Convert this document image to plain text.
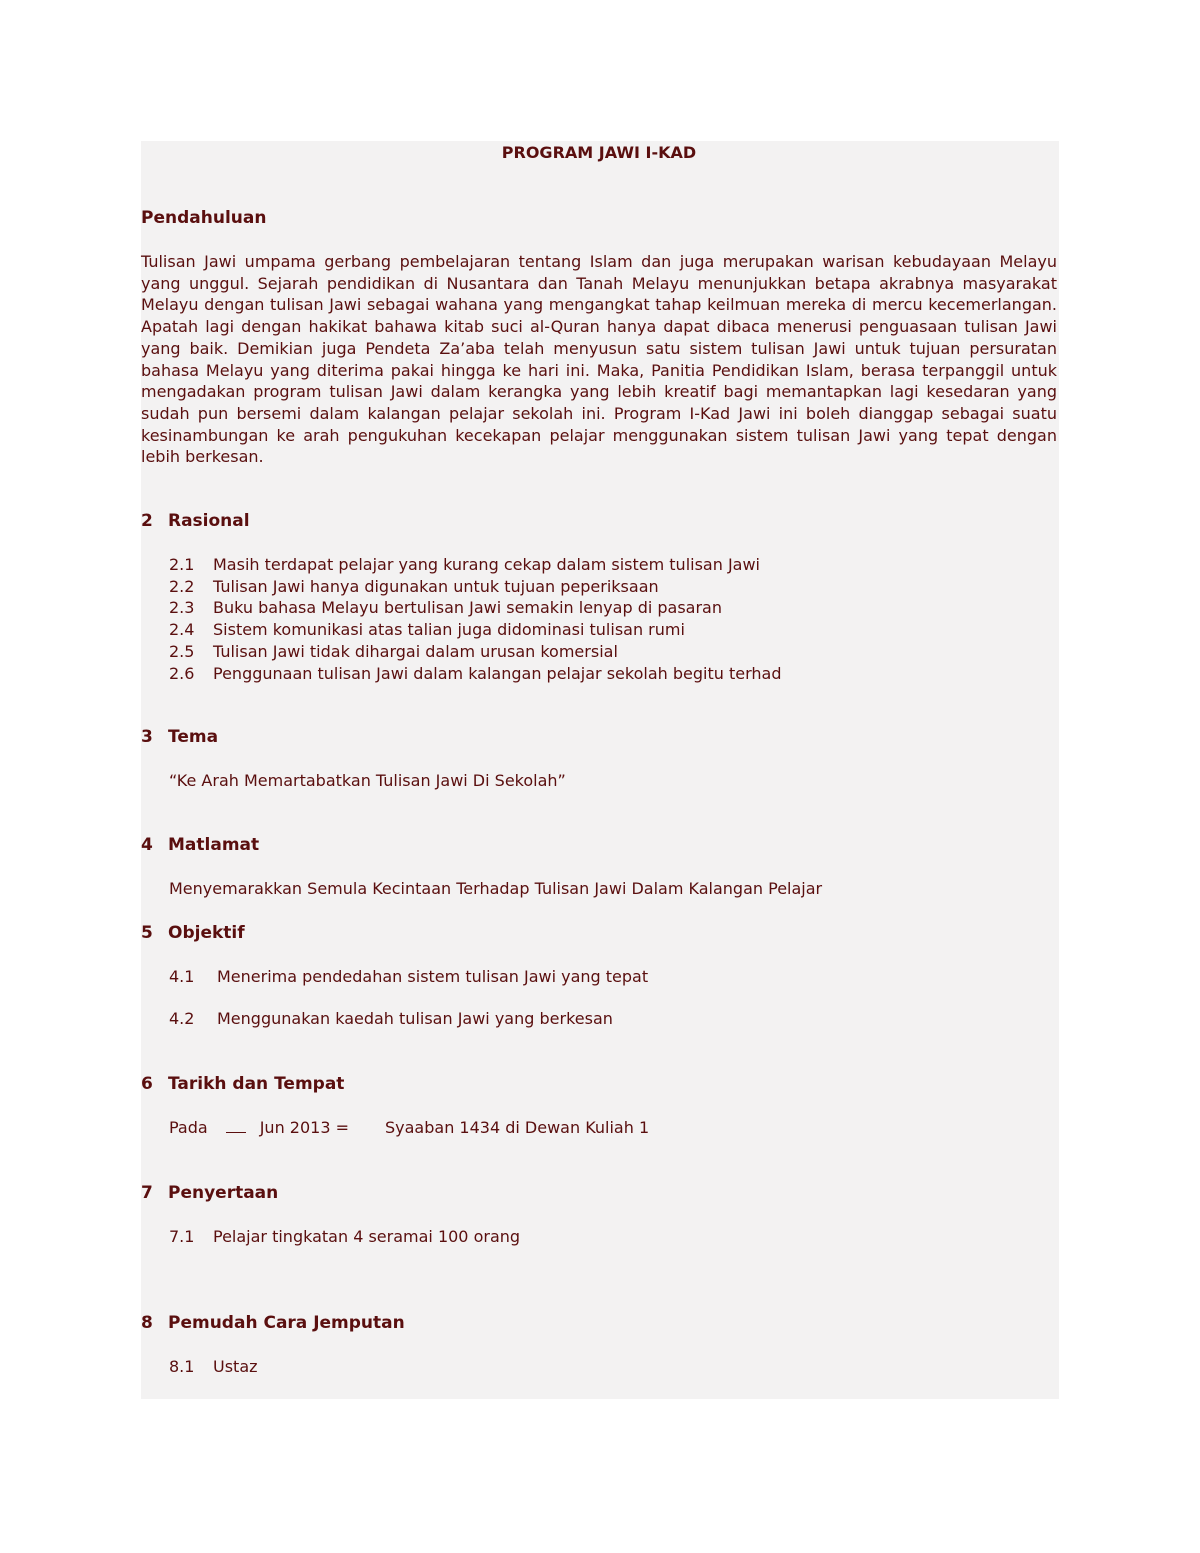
PROGRAM JAWI I-KAD
Pendahuluan

Tulisan Jawi umpama gerbang pembelajaran tentang Islam dan juga merupakan warisan kebudayaan Melayu yang unggul. Sejarah pendidikan di Nusantara dan Tanah Melayu menunjukkan betapa akrabnya masyarakat Melayu dengan tulisan Jawi sebagai wahana yang mengangkat tahap keilmuan mereka di mercu kecemerlangan. Apatah lagi dengan hakikat bahawa kitab suci al-Quran hanya dapat dibaca menerusi penguasaan tulisan Jawi yang baik. Demikian juga Pendeta Za’aba telah menyusun satu sistem tulisan Jawi untuk tujuan persuratan bahasa Melayu yang diterima pakai hingga ke hari ini. Maka, Panitia Pendidikan Islam, berasa terpanggil untuk mengadakan program tulisan Jawi dalam kerangka yang lebih kreatif bagi memantapkan lagi kesedaran yang sudah pun bersemi dalam kalangan pelajar sekolah ini. Program I-Kad Jawi ini boleh dianggap sebagai suatu kesinambungan ke arah pengukuhan kecekapan pelajar menggunakan sistem tulisan Jawi yang tepat dengan lebih berkesan.

2 Rasional
2.1 Masih terdapat pelajar yang kurang cekap dalam sistem tulisan Jawi
2.2 Tulisan Jawi hanya digunakan untuk tujuan peperiksaan
2.3 Buku bahasa Melayu bertulisan Jawi semakin lenyap di pasaran
2.4 Sistem komunikasi atas talian juga didominasi tulisan rumi
2.5 Tulisan Jawi tidak dihargai dalam urusan komersial
2.6 Penggunaan tulisan Jawi dalam kalangan pelajar sekolah begitu terhad
3 Tema
“Ke Arah Memartabatkan Tulisan Jawi Di Sekolah”
4 Matlamat
Menyemarakkan Semula Kecintaan Terhadap Tulisan Jawi Dalam Kalangan Pelajar
5 Objektif
4.1 Menerima pendedahan sistem tulisan Jawi yang tepat
4.2 Menggunakan kaedah tulisan Jawi yang berkesan
6 Tarikh dan Tempat
Pada	Jun 2013 = Syaaban 1434 di Dewan Kuliah 1
7 Penyertaan
7.1 Pelajar tingkatan 4 seramai 100 orang
8 Pemudah Cara Jemputan
8.1 Ustaz
